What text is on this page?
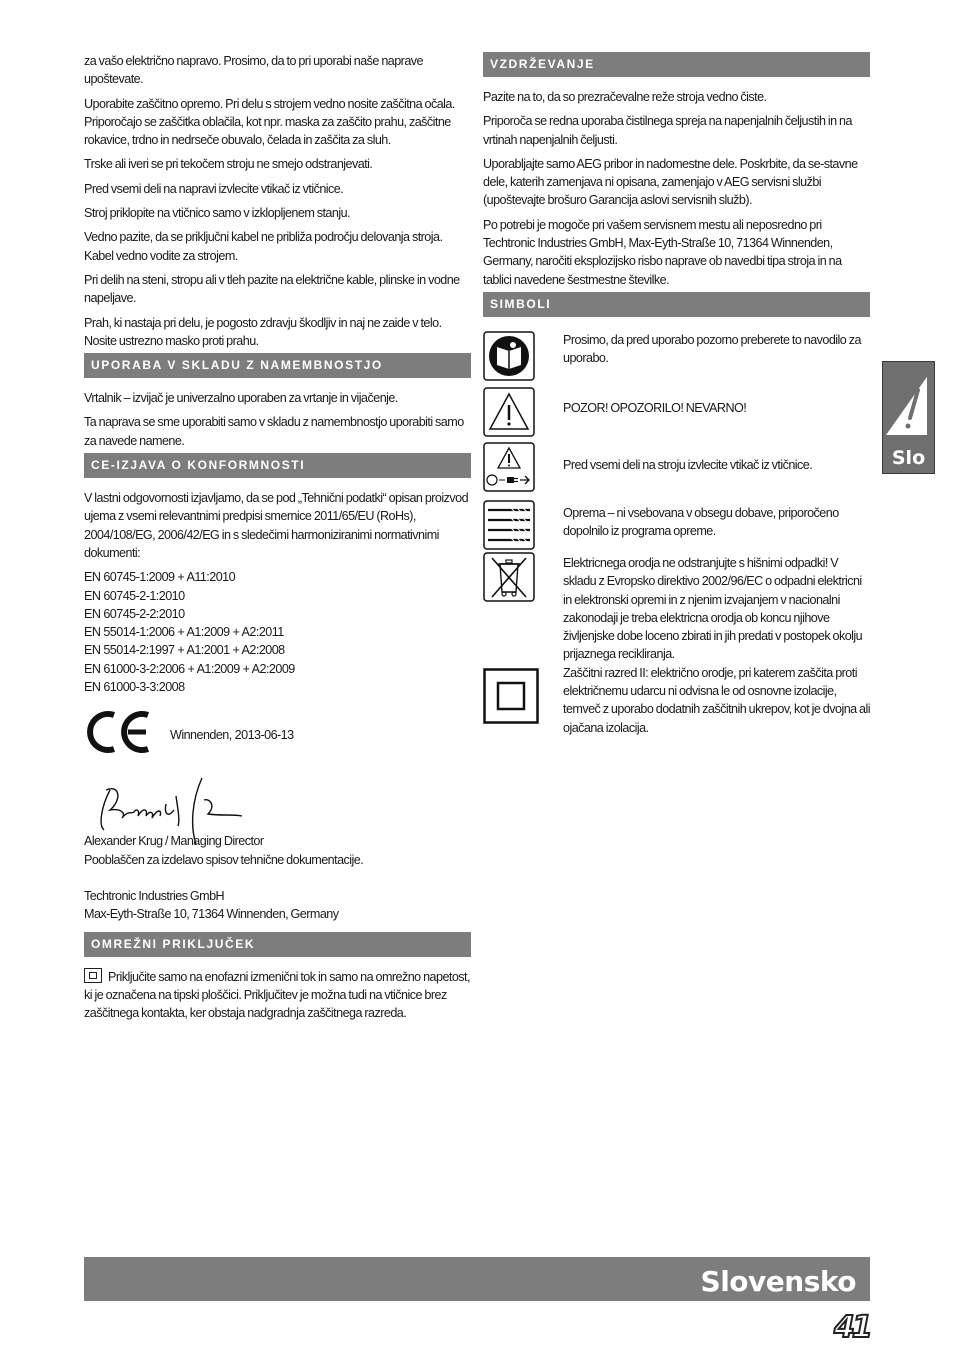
za vašo električno napravo. Prosimo, da to pri uporabi naše naprave upoštevate.

Uporabite zaščitno opremo. Pri delu s strojem vedno nosite zaščitna očala. Priporočajo se zaščitka oblačila, kot npr. maska za zaščito prahu, zaščitne rokavice, trdno in nedrseče obuvalo, čelada in zaščita za sluh.

Trske ali iveri se pri tekočem stroju ne smejo odstranjevati.

Pred vsemi deli na napravi izvlecite vtikač iz vtičnice.

Stroj priklopite na vtičnico samo v izklopljenem stanju.

Vedno pazite, da se priključni kabel ne približa področju delovanja stroja. Kabel vedno vodite za strojem.

Pri delih na steni, stropu ali v tleh pazite na električne kable, plinske in vodne napeljave.

Prah, ki nastaja pri delu, je pogosto zdravju škodljiv in naj ne zaide v telo. Nosite ustrezno masko proti prahu.

UPORABA V SKLADU Z NAMEMBNOSTJO

Vrtalnik – izvijač je univerzalno uporaben za vrtanje in vijačenje.

Ta naprava se sme uporabiti samo v skladu z namembnostjo uporabiti samo za navede namene.

CE-IZJAVA O KONFORMNOSTI

V lastni odgovornosti izjavljamo, da se pod „Tehnični podatki“ opisan proizvod ujema z vsemi relevantnimi predpisi smernice 2011/65/EU (RoHs), 2004/108/EG, 2006/42/EG in s sledečimi harmoniziranimi normativnimi dokumenti:

EN 60745-1:2009 + A11:2010
EN 60745-2-1:2010
EN 60745-2-2:2010
EN 55014-1:2006 + A1:2009 + A2:2011
EN 55014-2:1997 + A1:2001 + A2:2008
EN 61000-3-2:2006 + A1:2009 + A2:2009
EN 61000-3-3:2008
Winnenden, 2013-06-13
Alexander Krug / Managing Director
Pooblaščen za izdelavo spisov tehnične dokumentacije.
Techtronic Industries GmbH
Max-Eyth-Straße 10, 71364 Winnenden, Germany
OMREŽNI PRIKLJUČEK

Priključite samo na enofazni izmenični tok in samo na omrežno napetost, ki je označena na tipski ploščici. Priključitev je možna tudi na vtičnice brez zaščitnega kontakta, ker obstaja nadgradnja zaščitnega razreda.

VZDRŽEVANJE

Pazite na to, da so prezračevalne reže stroja vedno čiste.

Priporoča se redna uporaba čistilnega spreja na napenjalnih čeljustih in na vrtinah napenjalnih čeljusti.

Uporabljajte samo AEG pribor in nadomestne dele. Poskrbite, da se-stavne dele, katerih zamenjava ni opisana, zamenjajo v AEG servisni službi (upoštevajte brošuro Garancija aslovi servisnih služb).

Po potrebi je mogoče pri vašem servisnem mestu ali neposredno pri Techtronic Industries GmbH, Max-Eyth-Straße 10, 71364 Winnenden, Germany, naročiti eksplozijsko risbo naprave ob navedbi tipa stroja in na tablici navedene šestmestne številke.

SIMBOLI

Prosimo, da pred uporabo pozorno preberete to navodilo za uporabo.

POZOR! OPOZORILO! NEVARNO!

Pred vsemi deli na stroju izvlecite vtikač iz vtičnice.

Oprema – ni vsebovana v obsegu dobave, priporočeno dopolnilo iz programa opreme.

Elektricnega orodja ne odstranjujte s hišnimi odpadki! V skladu z Evropsko direktivo 2002/96/EC o odpadni elektricni in elektronski opremi in z njenim izvajanjem v nacionalni zakonodaji je treba elektricna orodja ob koncu njihove življenjske dobe loceno zbirati in jih predati v postopek okolju prijaznega recikliranja.

Zaščitni razred II: električno orodje, pri katerem zaščita proti električnemu udarcu ni odvisna le od osnovne izolacije, temveč z uporabo dodatnih zaščitnih ukrepov, kot je dvojna ali ojačana izolacija.

Slo
Slovensko
41
